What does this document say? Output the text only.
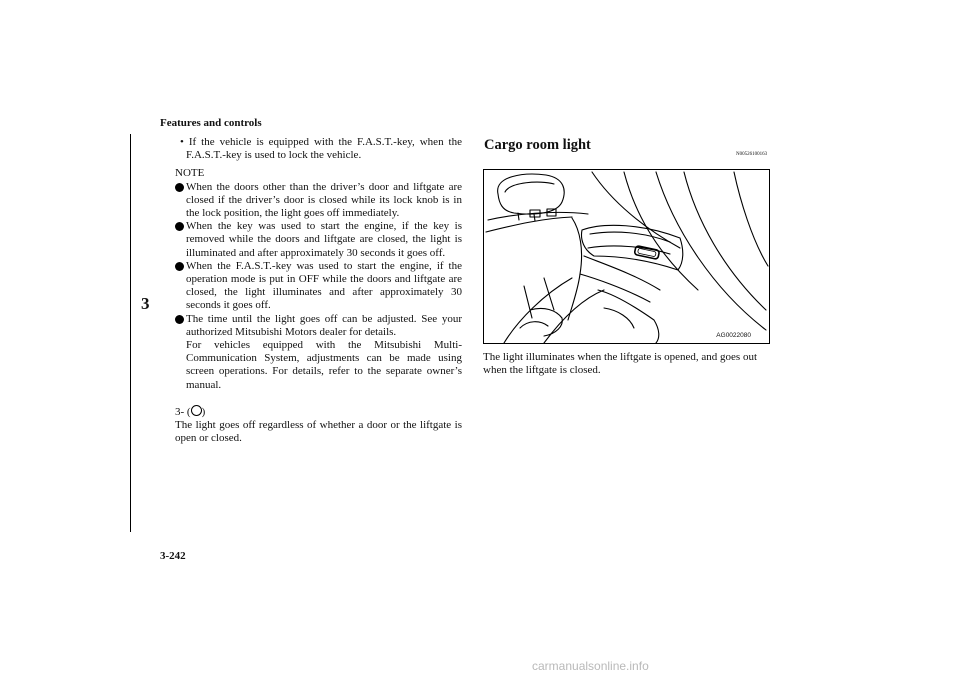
Features and controls
3

• If the vehicle is equipped with the F.A.S.T.-key, when the F.A.S.T.-key is used to lock the vehicle.

NOTE

When the doors other than the driver’s door and liftgate are closed if the driver’s door is closed while its lock knob is in the lock position, the light goes off immediately.
When the key was used to start the engine, if the key is removed while the doors and liftgate are closed, the light is illuminated and after approximately 30 seconds it goes off.
When the F.A.S.T.-key was used to start the engine, if the operation mode is put in OFF while the doors and liftgate are closed, the light illuminates and after approximately 30 seconds it goes off.
The time until the light goes off can be adjusted. See your authorized Mitsubishi Motors dealer for details.

For vehicles equipped with the Mitsubishi Multi-Communication System, adjustments can be made using screen operations. For details, refer to the separate owner’s manual.

3- ( )

The light goes off regardless of whether a door or the liftgate is open or closed.

Cargo room light
N00526100163
AG0022080

The light illuminates when the liftgate is opened, and goes out when the liftgate is closed.

3-242
carmanualsonline.info
